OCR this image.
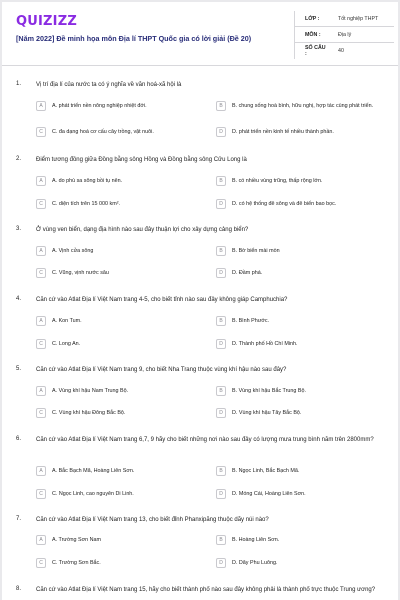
QUIZIZZ
[Năm 2022] Đề minh họa môn Địa lí THPT Quốc gia có lời giải (Đề 20)
LỚP :	Tốt nghiệp THPT
MÔN :	Địa lý
SỐ CÂU :	40
1. Vị trí địa lí của nước ta có ý nghĩa về văn hoá-xã hội là
A	A. phát triển nền nông nghiệp nhiệt đới.	B	B. chung sống hoà bình, hữu nghị, hợp tác cùng phát triển.
C	C. đa dạng hoá cơ cấu cây trồng, vật nuôi.	D	D. phát triển nền kinh tế nhiều thành phần.
2. Điểm tương đồng giữa Đồng bằng sông Hồng và Đồng bằng sông Cửu Long là
A	A. do phù sa sông bồi tụ nên.	B	B. có nhiều vùng trũng, thấp rộng lớn.
C	C. diện tích trên 15 000 km².	D	D. có hệ thống đê sông và đê biển bao bọc.
3. Ở vùng ven biển, dạng địa hình nào sau đây thuận lợi cho xây dựng cảng biển?
A	A. Vịnh cửa sông	B	B. Bờ biển mài mòn
C	C. Vũng, vịnh nước sâu	D	D. Đầm phá.
4. Căn cứ vào Atlat Địa lí Việt Nam trang 4-5, cho biết tỉnh nào sau đây không giáp Camphuchia?
A	A. Kon Tum.	B	B. Bình Phước.
C	C. Long An.	D	D. Thành phố Hồ Chí Minh.
5. Căn cứ vào Atlat Địa lí Việt Nam trang 9, cho biết Nha Trang thuộc vùng khí hậu nào sau đây?
A	A. Vùng khí hậu Nam Trung Bộ.	B	B. Vùng khí hậu Bắc Trung Bộ.
C	C. Vùng khí hậu Đông Bắc Bộ.	D	D. Vùng khí hậu Tây Bắc Bộ.
6. Căn cứ vào Atlat Địa lí Việt Nam trang 6,7, 9 hãy cho biết những nơi nào sau đây có lượng mưa trung bình năm trên 2800mm?
A	A. Bắc Bạch Mã, Hoàng Liên Sơn.	B	B. Ngọc Linh, Bắc Bạch Mã.
C	C. Ngọc Linh, cao nguyên Di Linh.	D	D. Móng Cái, Hoàng Liên Sơn.
7. Căn cứ vào Atlat Địa lí Việt Nam trang 13, cho biết đỉnh Phanxipăng thuộc dãy núi nào?
A	A. Trường Sơn Nam	B	B. Hoàng Liên Sơn.
C	C. Trường Sơn Bắc.	D	D. Dãy Phu Luông.
8. Căn cứ vào Atlat Địa lí Việt Nam trang 15, hãy cho biết thành phố nào sau đây không phải là thành phố trực thuộc Trung ương?
